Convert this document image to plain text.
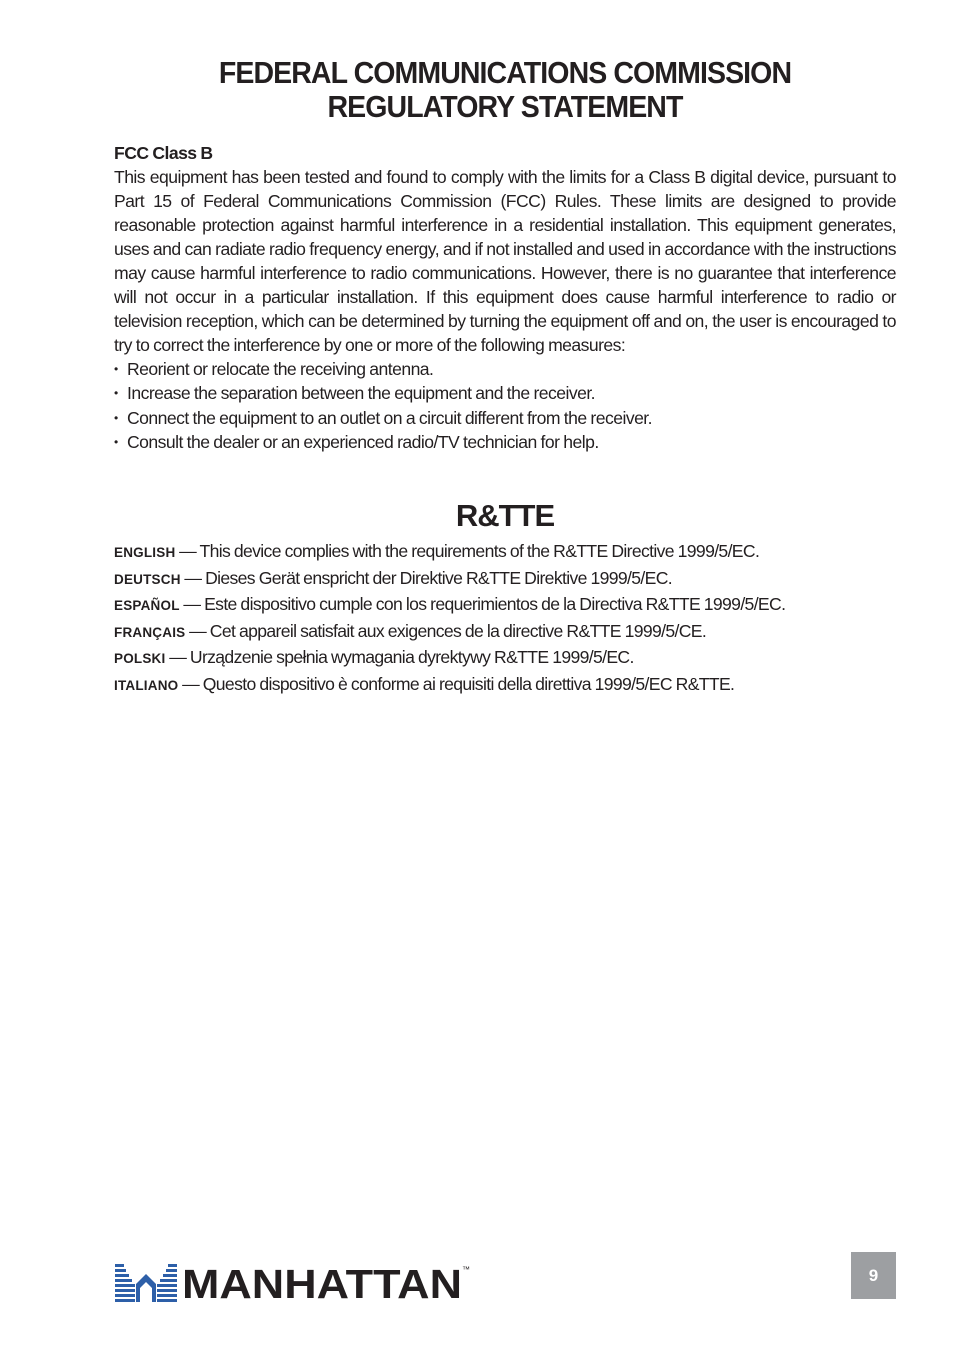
FEDERAL COMMUNICATIONS COMMISSION
REGULATORY STATEMENT

FCC Class B

This equipment has been tested and found to comply with the limits for a Class B digital device, pursuant to Part 15 of Federal Communications Commission (FCC) Rules. These limits are designed to provide reasonable protection against harmful interference in a residential installation. This equipment generates, uses and can radiate radio frequency energy, and if not installed and used in accordance with the instructions may cause harmful interference to radio communications. However, there is no guarantee that interference will not occur in a particular installation. If this equipment does cause harmful interference to radio or television reception, which can be determined by turning the equipment off and on, the user is encouraged to try to correct the interference by one or more of the following measures:

• Reorient or relocate the receiving antenna.
• Increase the separation between the equipment and the receiver.
• Connect the equipment to an outlet on a circuit different from the receiver.
• Consult the dealer or an experienced radio/TV technician for help.
R&TTE
ENGLISH — This device complies with the requirements of the R&TTE Directive 1999/5/EC.
DEUTSCH — Dieses Gerät enspricht der Direktive R&TTE Direktive 1999/5/EC.
ESPAÑOL — Este dispositivo cumple con los requerimientos de la Directiva R&TTE 1999/5/EC.
FRANÇAIS — Cet appareil satisfait aux exigences de la directive R&TTE 1999/5/CE.
POLSKI — Urządzenie spełnia wymagania dyrektywy R&TTE 1999/5/EC.
ITALIANO — Questo dispositivo è conforme ai requisiti della direttiva 1999/5/EC R&TTE.
MANHATTAN ™	9
